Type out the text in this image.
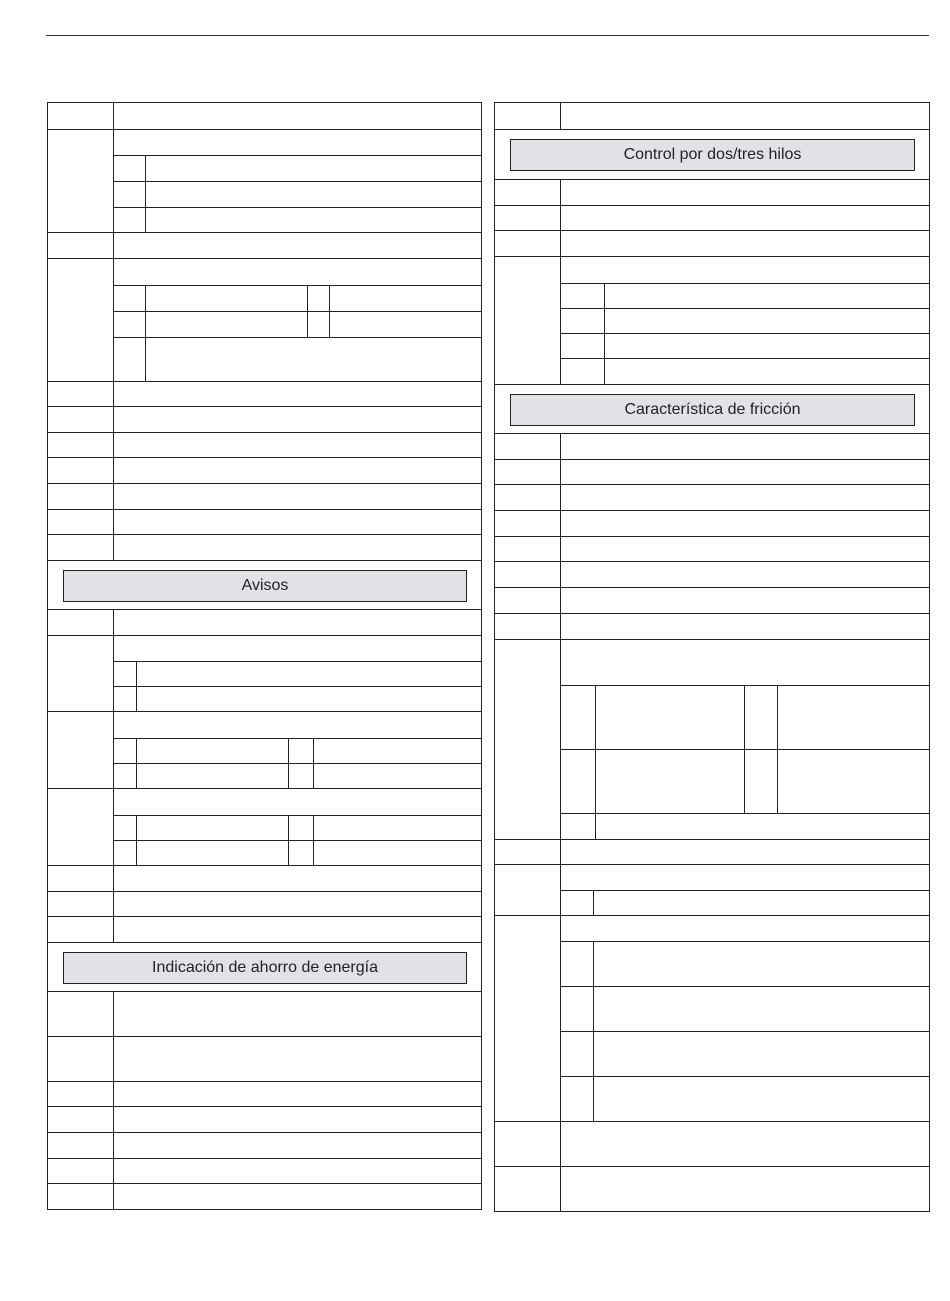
Avisos
Indicación de ahorro de energía
Control por dos/tres hilos
Característica de fricción
